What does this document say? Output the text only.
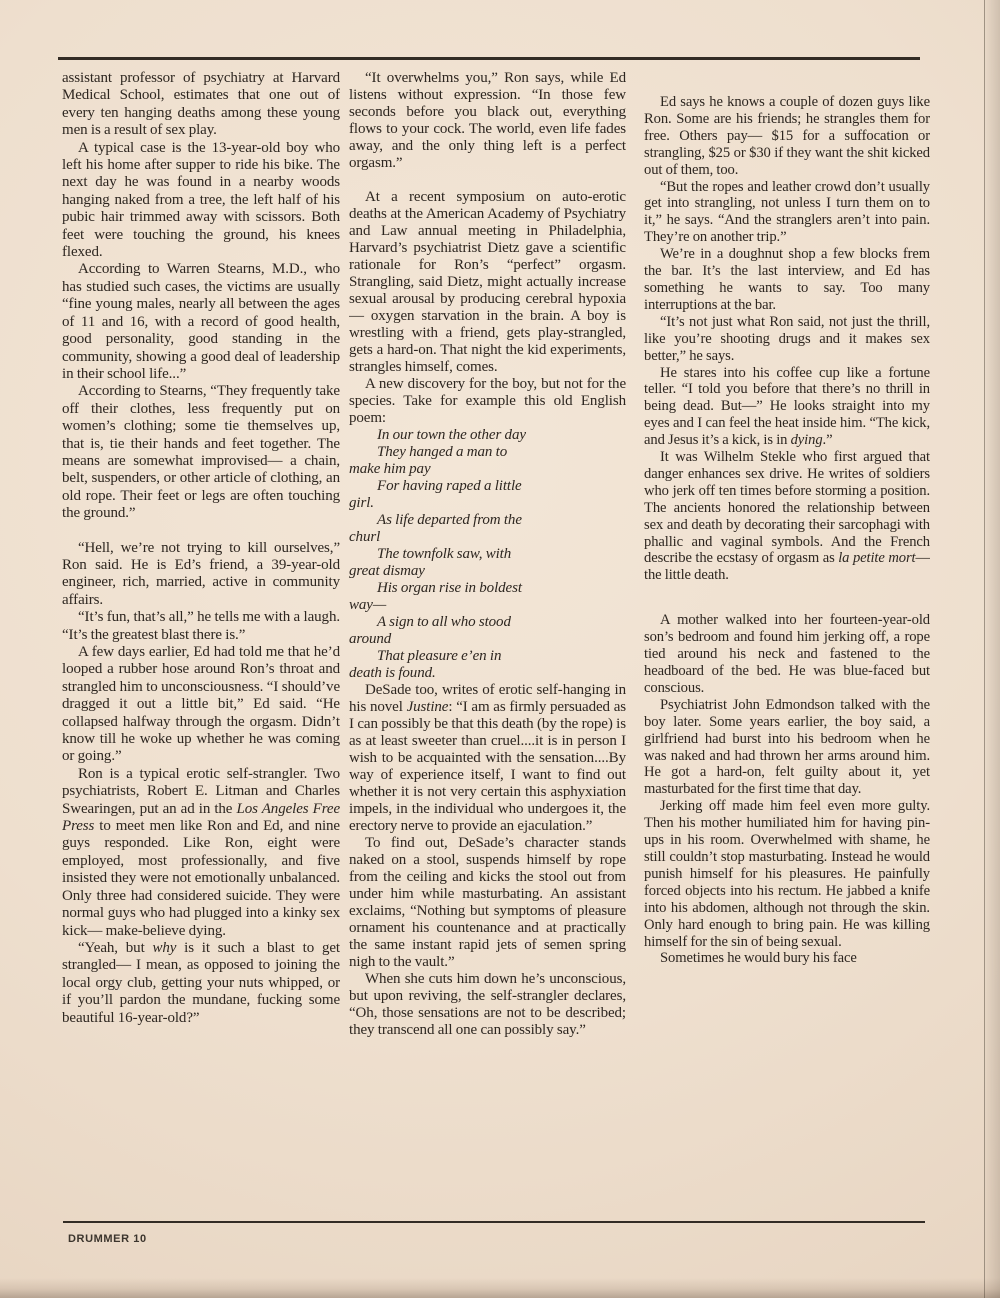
assistant professor of psychiatry at Harvard Medical School, estimates that one out of every ten hanging deaths among these young men is a result of sex play.

A typical case is the 13-year-old boy who left his home after supper to ride his bike. The next day he was found in a nearby woods hanging naked from a tree, the left half of his pubic hair trimmed away with scissors. Both feet were touching the ground, his knees flexed.

According to Warren Stearns, M.D., who has studied such cases, the victims are usually “fine young males, nearly all between the ages of 11 and 16, with a record of good health, good personality, good standing in the community, showing a good deal of leadership in their school life...”

According to Stearns, “They frequently take off their clothes, less frequently put on women’s clothing; some tie themselves up, that is, tie their hands and feet together. The means are somewhat improvised— a chain, belt, suspenders, or other article of clothing, an old rope. Their feet or legs are often touching the ground.”

“Hell, we’re not trying to kill ourselves,” Ron said. He is Ed’s friend, a 39-year-old engineer, rich, married, active in community affairs.

“It’s fun, that’s all,” he tells me with a laugh. “It’s the greatest blast there is.”

A few days earlier, Ed had told me that he’d looped a rubber hose around Ron’s throat and strangled him to unconsciousness. “I should’ve dragged it out a little bit,” Ed said. “He collapsed halfway through the orgasm. Didn’t know till he woke up whether he was coming or going.”

Ron is a typical erotic self-strangler. Two psychiatrists, Robert E. Litman and Charles Swearingen, put an ad in the Los Angeles Free Press to meet men like Ron and Ed, and nine guys responded. Like Ron, eight were employed, most professionally, and five insisted they were not emotionally unbalanced. Only three had considered suicide. They were normal guys who had plugged into a kinky sex kick— make-believe dying.

“Yeah, but why is it such a blast to get strangled— I mean, as opposed to joining the local orgy club, getting your nuts whipped, or if you’ll pardon the mundane, fucking some beautiful 16-year-old?”

“It overwhelms you,” Ron says, while Ed listens without expression. “In those few seconds before you black out, everything flows to your cock. The world, even life fades away, and the only thing left is a perfect orgasm.”

At a recent symposium on auto-erotic deaths at the American Academy of Psychiatry and Law annual meeting in Philadelphia, Harvard’s psychiatrist Dietz gave a scientific rationale for Ron’s “perfect” orgasm. Strangling, said Dietz, might actually increase sexual arousal by producing cerebral hypoxia— oxygen starvation in the brain. A boy is wrestling with a friend, gets play-strangled, gets a hard-on. That night the kid experiments, strangles himself, comes.

A new discovery for the boy, but not for the species. Take for example this old English poem:

In our town the other day
They hanged a man to
make him pay
For having raped a little
girl.
As life departed from the
churl
The townfolk saw, with
great dismay
His organ rise in boldest
way—
A sign to all who stood
around
That pleasure e’en in
death is found.

DeSade too, writes of erotic self-hanging in his novel Justine: “I am as firmly persuaded as I can possibly be that this death (by the rope) is as at least sweeter than cruel....it is in person I wish to be acquainted with the sensation....By way of experience itself, I want to find out whether it is not very certain this asphyxiation impels, in the individual who undergoes it, the erectory nerve to provide an ejaculation.”

To find out, DeSade’s character stands naked on a stool, suspends himself by rope from the ceiling and kicks the stool out from under him while masturbating. An assistant exclaims, “Nothing but symptoms of pleasure ornament his countenance and at practically the same instant rapid jets of semen spring nigh to the vault.”

When she cuts him down he’s unconscious, but upon reviving, the self-strangler declares, “Oh, those sensations are not to be described; they transcend all one can possibly say.”

Ed says he knows a couple of dozen guys like Ron. Some are his friends; he strangles them for free. Others pay— $15 for a suffocation or strangling, $25 or $30 if they want the shit kicked out of them, too.

“But the ropes and leather crowd don’t usually get into strangling, not unless I turn them on to it,” he says. “And the stranglers aren’t into pain. They’re on another trip.”

We’re in a doughnut shop a few blocks frem the bar. It’s the last interview, and Ed has something he wants to say. Too many interruptions at the bar.

“It’s not just what Ron said, not just the thrill, like you’re shooting drugs and it makes sex better,” he says.

He stares into his coffee cup like a fortune teller. “I told you before that there’s no thrill in being dead. But—” He looks straight into my eyes and I can feel the heat inside him. “The kick, and Jesus it’s a kick, is in dying.”

It was Wilhelm Stekle who first argued that danger enhances sex drive. He writes of soldiers who jerk off ten times before storming a position. The ancients honored the relationship between sex and death by decorating their sarcophagi with phallic and vaginal symbols. And the French describe the ecstasy of orgasm as la petite mort— the little death.

A mother walked into her fourteen-year-old son’s bedroom and found him jerking off, a rope tied around his neck and fastened to the headboard of the bed. He was blue-faced but conscious.

Psychiatrist John Edmondson talked with the boy later. Some years earlier, the boy said, a girlfriend had burst into his bedroom when he was naked and had thrown her arms around him. He got a hard-on, felt guilty about it, yet masturbated for the first time that day.

Jerking off made him feel even more gulty. Then his mother humiliated him for having pin-ups in his room. Overwhelmed with shame, he still couldn’t stop masturbating. Instead he would punish himself for his pleasures. He painfully forced objects into his rectum. He jabbed a knife into his abdomen, although not through the skin. Only hard enough to bring pain. He was killing himself for the sin of being sexual.

Sometimes he would bury his face

DRUMMER 10
